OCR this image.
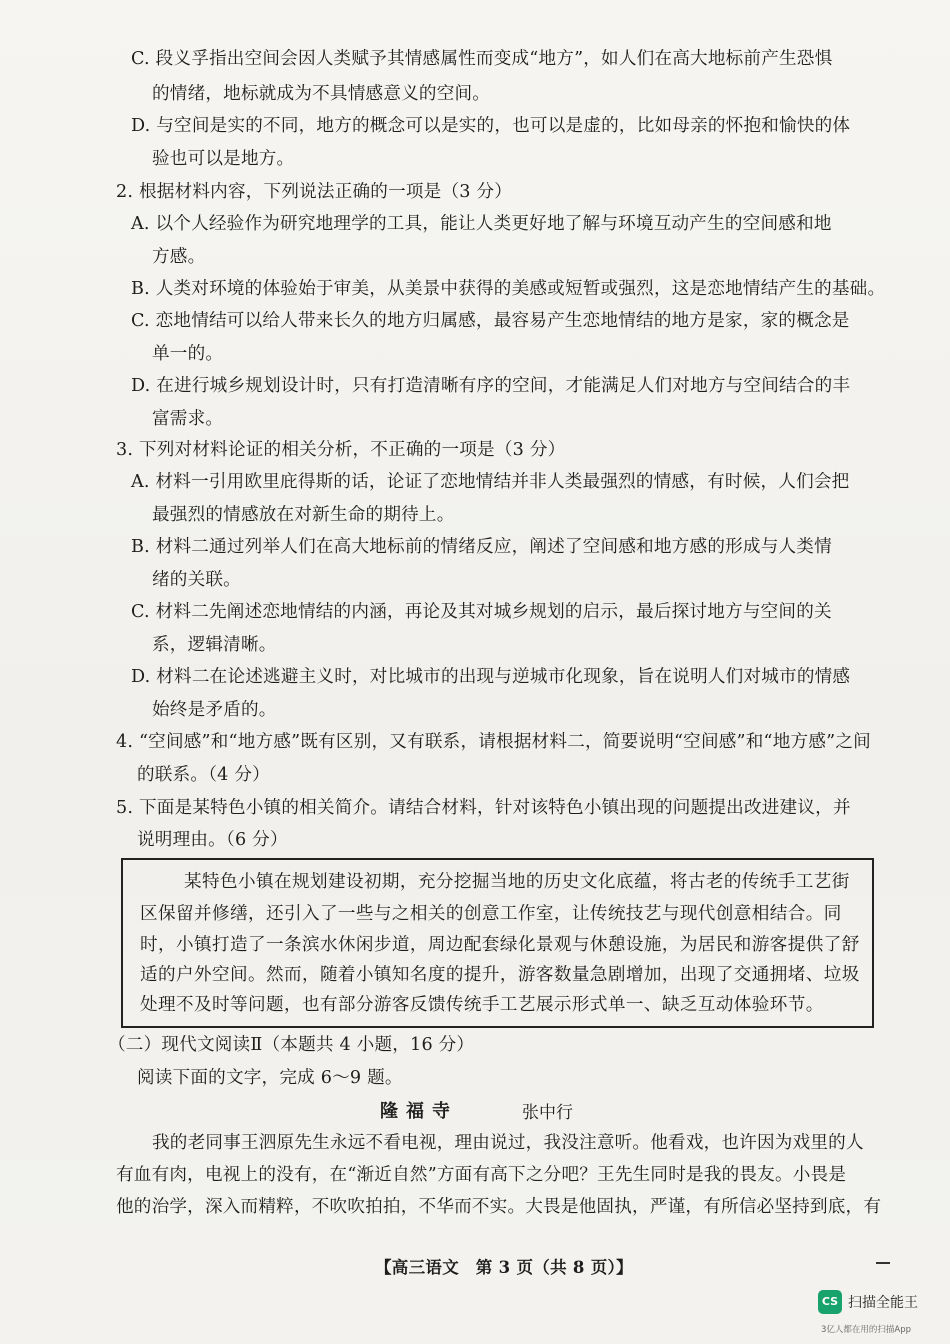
C. 段义孚指出空间会因人类赋予其情感属性而变成“地方”，如人们在高大地标前产生恐惧
的情绪，地标就成为不具情感意义的空间。
D. 与空间是实的不同，地方的概念可以是实的，也可以是虚的，比如母亲的怀抱和愉快的体
验也可以是地方。
2. 根据材料内容，下列说法正确的一项是（3 分）
A. 以个人经验作为研究地理学的工具，能让人类更好地了解与环境互动产生的空间感和地
方感。
B. 人类对环境的体验始于审美，从美景中获得的美感或短暂或强烈，这是恋地情结产生的基础。
C. 恋地情结可以给人带来长久的地方归属感，最容易产生恋地情结的地方是家，家的概念是
单一的。
D. 在进行城乡规划设计时，只有打造清晰有序的空间，才能满足人们对地方与空间结合的丰
富需求。
3. 下列对材料论证的相关分析，不正确的一项是（3 分）
A. 材料一引用欧里庇得斯的话，论证了恋地情结并非人类最强烈的情感，有时候，人们会把
最强烈的情感放在对新生命的期待上。
B. 材料二通过列举人们在高大地标前的情绪反应，阐述了空间感和地方感的形成与人类情
绪的关联。
C. 材料二先阐述恋地情结的内涵，再论及其对城乡规划的启示，最后探讨地方与空间的关
系，逻辑清晰。
D. 材料二在论述逃避主义时，对比城市的出现与逆城市化现象，旨在说明人们对城市的情感
始终是矛盾的。
4. “空间感”和“地方感”既有区别，又有联系，请根据材料二，简要说明“空间感”和“地方感”之间
的联系。（4 分）
5. 下面是某特色小镇的相关简介。请结合材料，针对该特色小镇出现的问题提出改进建议，并
说明理由。（6 分）
某特色小镇在规划建设初期，充分挖掘当地的历史文化底蕴，将古老的传统手工艺街
区保留并修缮，还引入了一些与之相关的创意工作室，让传统技艺与现代创意相结合。同
时，小镇打造了一条滨水休闲步道，周边配套绿化景观与休憩设施，为居民和游客提供了舒
适的户外空间。然而，随着小镇知名度的提升，游客数量急剧增加，出现了交通拥堵、垃圾
处理不及时等问题，也有部分游客反馈传统手工艺展示形式单一、缺乏互动体验环节。
（二）现代文阅读Ⅱ（本题共 4 小题，16 分）
阅读下面的文字，完成 6～9 题。
隆福寺	张中行
我的老同事王泗原先生永远不看电视，理由说过，我没注意听。他看戏，也许因为戏里的人
有血有肉，电视上的没有，在“渐近自然”方面有高下之分吧？王先生同时是我的畏友。小畏是
他的治学，深入而精粹，不吹吹拍拍，不华而不实。大畏是他固执，严谨，有所信必坚持到底，有
【高三语文　第 3 页（共 8 页）】
CS 扫描全能王
3亿人都在用的扫描App
